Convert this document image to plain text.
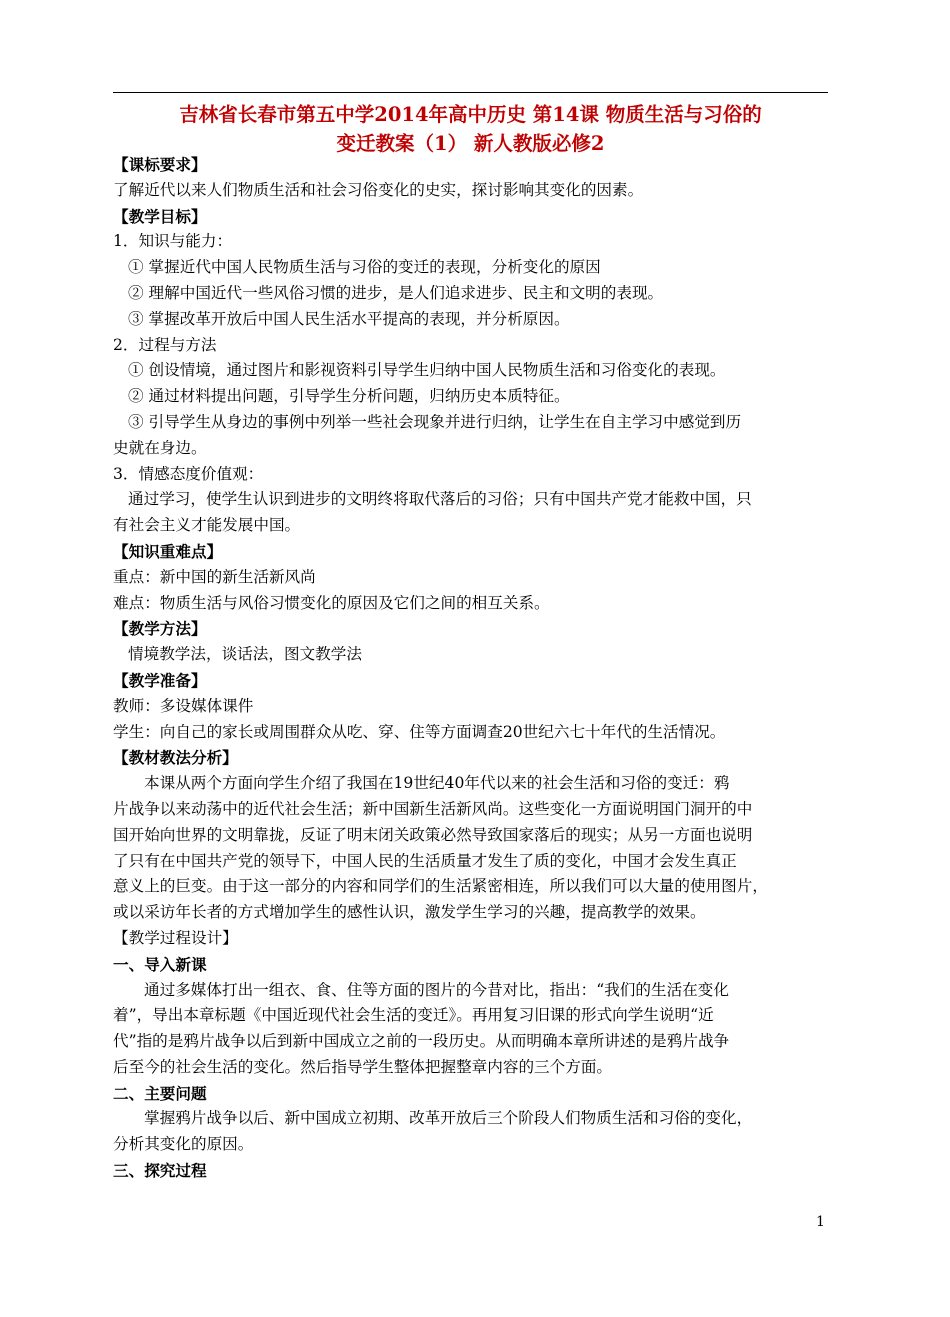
吉林省长春市第五中学2014年高中历史 第14课 物质生活与习俗的
变迁教案（1） 新人教版必修2
【课标要求】
了解近代以来人们物质生活和社会习俗变化的史实，探讨影响其变化的因素。
【教学目标】
1．知识与能力：
① 掌握近代中国人民物质生活与习俗的变迁的表现，分析变化的原因
② 理解中国近代一些风俗习惯的进步，是人们追求进步、民主和文明的表现。
③ 掌握改革开放后中国人民生活水平提高的表现，并分析原因。
2．过程与方法
① 创设情境，通过图片和影视资料引导学生归纳中国人民物质生活和习俗变化的表现。
② 通过材料提出问题，引导学生分析问题，归纳历史本质特征。
③ 引导学生从身边的事例中列举一些社会现象并进行归纳，让学生在自主学习中感觉到历
史就在身边。
3．情感态度价值观：
通过学习，使学生认识到进步的文明终将取代落后的习俗；只有中国共产党才能救中国，只
有社会主义才能发展中国。
【知识重难点】
重点：新中国的新生活新风尚
难点：物质生活与风俗习惯变化的原因及它们之间的相互关系。
【教学方法】
情境教学法，谈话法，图文教学法
【教学准备】
教师：多设媒体课件
学生：向自己的家长或周围群众从吃、穿、住等方面调查20世纪六七十年代的生活情况。
【教材教法分析】
本课从两个方面向学生介绍了我国在19世纪40年代以来的社会生活和习俗的变迁：鸦
片战争以来动荡中的近代社会生活；新中国新生活新风尚。这些变化一方面说明国门洞开的中
国开始向世界的文明靠拢，反证了明末闭关政策必然导致国家落后的现实；从另一方面也说明
了只有在中国共产党的领导下，中国人民的生活质量才发生了质的变化，中国才会发生真正
意义上的巨变。由于这一部分的内容和同学们的生活紧密相连，所以我们可以大量的使用图片，
或以采访年长者的方式增加学生的感性认识，激发学生学习的兴趣，提高教学的效果。
【教学过程设计】
一、导入新课
通过多媒体打出一组衣、食、住等方面的图片的今昔对比，指出：“我们的生活在变化
着”，导出本章标题《中国近现代社会生活的变迁》。再用复习旧课的形式向学生说明“近
代”指的是鸦片战争以后到新中国成立之前的一段历史。从而明确本章所讲述的是鸦片战争
后至今的社会生活的变化。然后指导学生整体把握整章内容的三个方面。
二、主要问题
掌握鸦片战争以后、新中国成立初期、改革开放后三个阶段人们物质生活和习俗的变化，
分析其变化的原因。
三、探究过程
1
